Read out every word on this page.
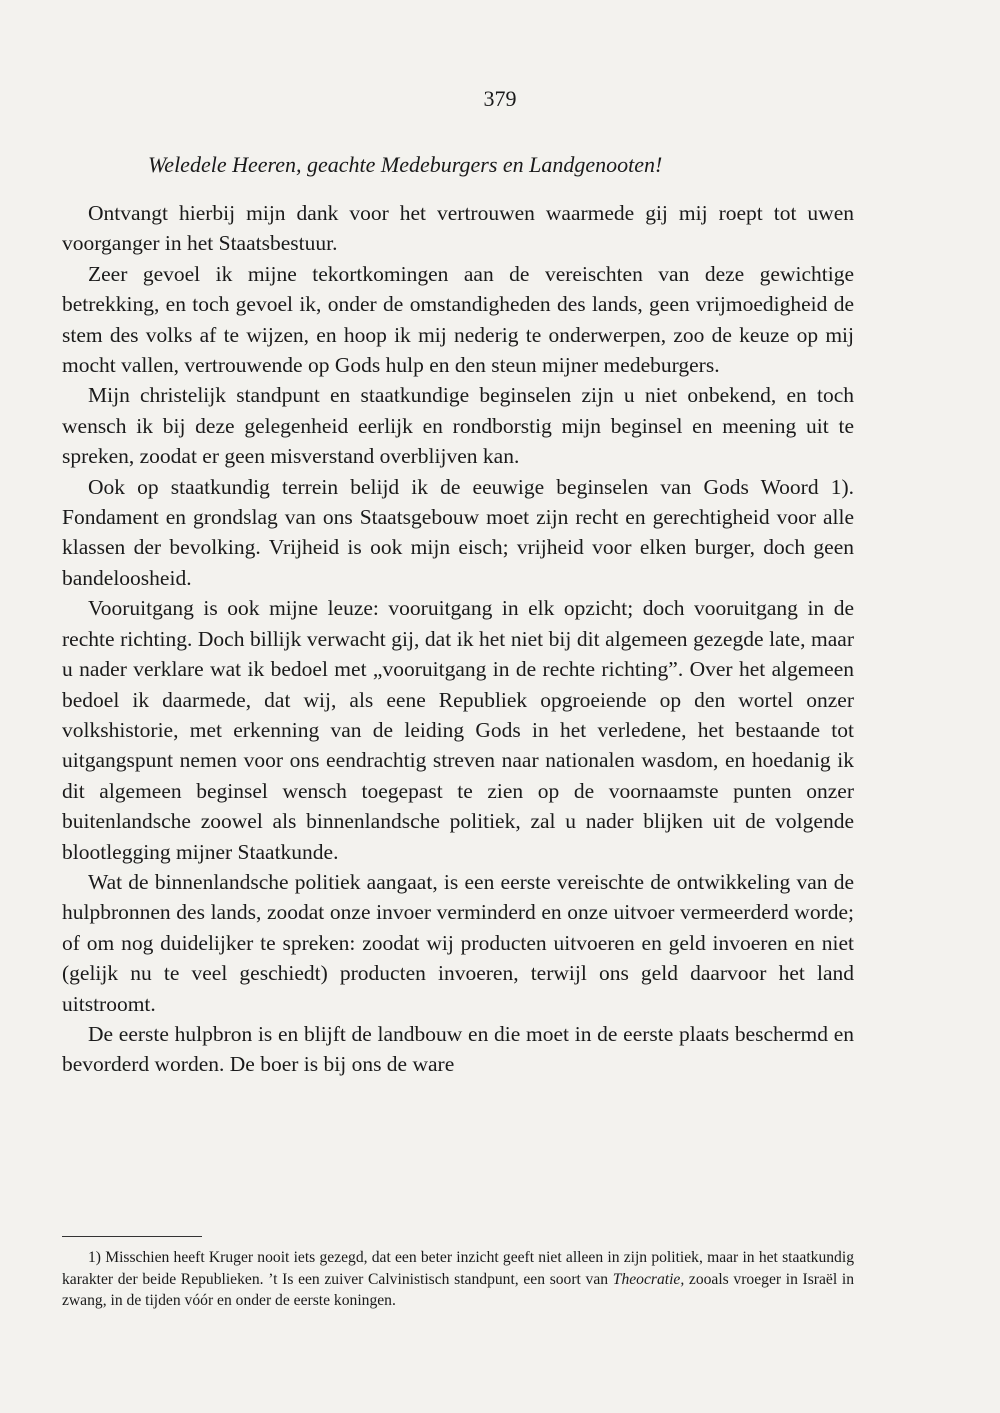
379
Weledele Heeren, geachte Medeburgers en Landgenooten!

Ontvangt hierbij mijn dank voor het vertrouwen waarmede gij mij roept tot uwen voorganger in het Staatsbestuur.

Zeer gevoel ik mijne tekortkomingen aan de vereischten van deze gewichtige betrekking, en toch gevoel ik, onder de omstandigheden des lands, geen vrijmoedigheid de stem des volks af te wijzen, en hoop ik mij nederig te onderwerpen, zoo de keuze op mij mocht vallen, vertrouwende op Gods hulp en den steun mijner medeburgers.

Mijn christelijk standpunt en staatkundige beginselen zijn u niet onbekend, en toch wensch ik bij deze gelegenheid eerlijk en rondborstig mijn beginsel en meening uit te spreken, zoodat er geen misverstand overblijven kan.

Ook op staatkundig terrein belijd ik de eeuwige beginselen van Gods Woord 1). Fondament en grondslag van ons Staatsgebouw moet zijn recht en gerechtigheid voor alle klassen der bevolking. Vrijheid is ook mijn eisch; vrijheid voor elken burger, doch geen bandeloosheid.

Vooruitgang is ook mijne leuze: vooruitgang in elk opzicht; doch vooruitgang in de rechte richting. Doch billijk verwacht gij, dat ik het niet bij dit algemeen gezegde late, maar u nader verklare wat ik bedoel met „vooruitgang in de rechte richting”. Over het algemeen bedoel ik daarmede, dat wij, als eene Republiek opgroeiende op den wortel onzer volkshistorie, met erkenning van de leiding Gods in het verledene, het bestaande tot uitgangspunt nemen voor ons eendrachtig streven naar nationalen wasdom, en hoedanig ik dit algemeen beginsel wensch toegepast te zien op de voornaamste punten onzer buitenlandsche zoowel als binnenlandsche politiek, zal u nader blijken uit de volgende blootlegging mijner Staatkunde.

Wat de binnenlandsche politiek aangaat, is een eerste vereischte de ontwikkeling van de hulpbronnen des lands, zoodat onze invoer verminderd en onze uitvoer vermeerderd worde; of om nog duidelijker te spreken: zoodat wij producten uitvoeren en geld invoeren en niet (gelijk nu te veel geschiedt) producten invoeren, terwijl ons geld daarvoor het land uitstroomt.

De eerste hulpbron is en blijft de landbouw en die moet in de eerste plaats beschermd en bevorderd worden. De boer is bij ons de ware

1) Misschien heeft Kruger nooit iets gezegd, dat een beter inzicht geeft niet alleen in zijn politiek, maar in het staatkundig karakter der beide Republieken. ’t Is een zuiver Calvinistisch standpunt, een soort van Theocratie, zooals vroeger in Israël in zwang, in de tijden vóór en onder de eerste koningen.
